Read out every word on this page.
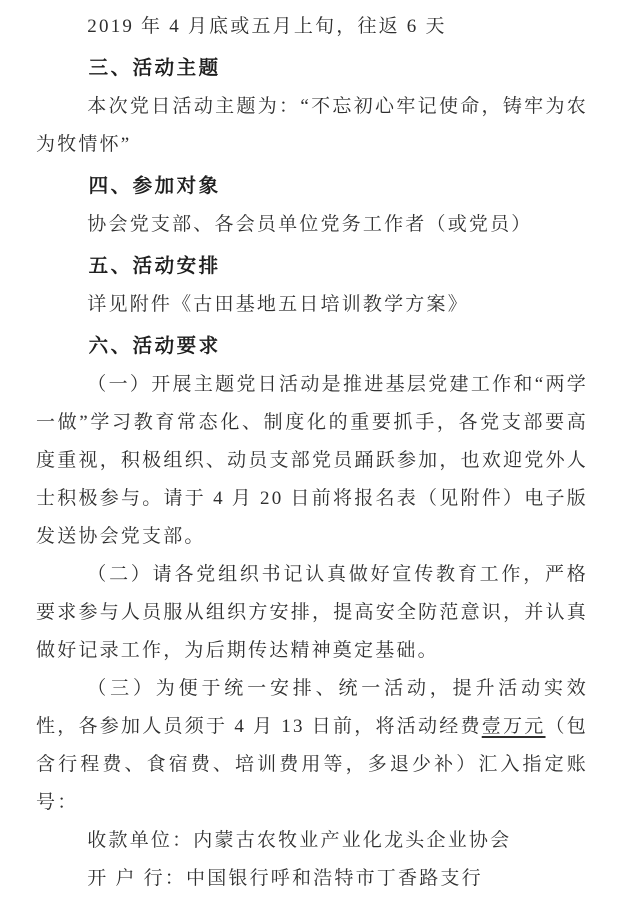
2019 年 4 月底或五月上旬，往返 6 天
三、活动主题
本次党日活动主题为：“不忘初心牢记使命，铸牢为农为牧情怀”
四、参加对象
协会党支部、各会员单位党务工作者（或党员）
五、活动安排
详见附件《古田基地五日培训教学方案》
六、活动要求
（一）开展主题党日活动是推进基层党建工作和“两学一做”学习教育常态化、制度化的重要抓手，各党支部要高度重视，积极组织、动员支部党员踊跃参加，也欢迎党外人士积极参与。请于 4 月 20 日前将报名表（见附件）电子版发送协会党支部。
（二）请各党组织书记认真做好宣传教育工作，严格要求参与人员服从组织方安排，提高安全防范意识，并认真做好记录工作，为后期传达精神奠定基础。
（三）为便于统一安排、统一活动，提升活动实效性，各参加人员须于 4 月 13 日前，将活动经费壹万元（包含行程费、食宿费、培训费用等，多退少补）汇入指定账号：
收款单位：内蒙古农牧业产业化龙头企业协会
开 户 行：中国银行呼和浩特市丁香路支行
